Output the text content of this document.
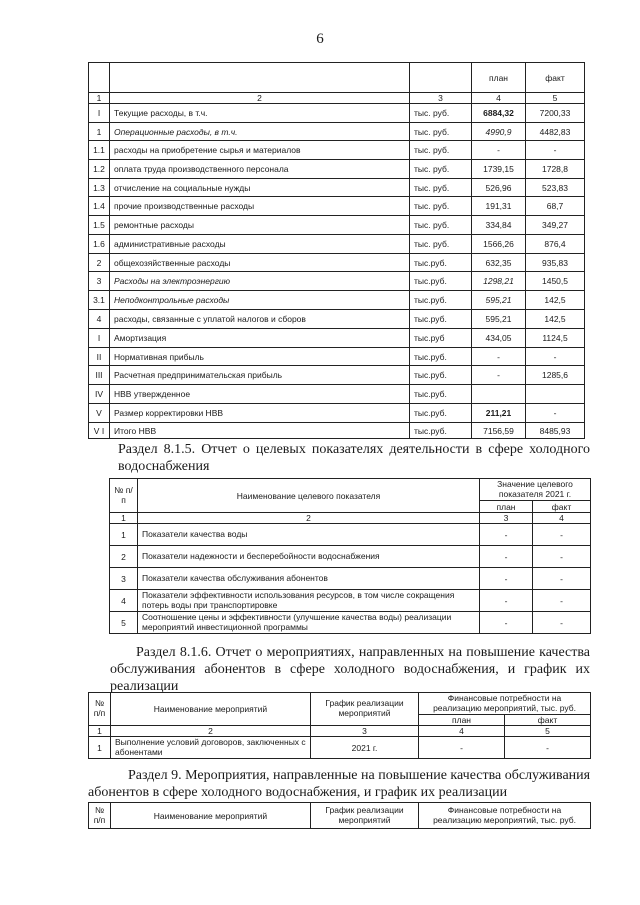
6
			план	факт
1	2	3	4	5
I	Текущие расходы, в т.ч.	тыс. руб.	6884,32	7200,33
1	Операционные расходы, в т.ч.	тыс. руб.	4990,9	4482,83
1.1	расходы на приобретение сырья и материалов	тыс. руб.	-	-
1.2	оплата труда производственного персонала	тыс. руб.	1739,15	1728,8
1.3	отчисление на социальные нужды	тыс. руб.	526,96	523,83
1.4	прочие производственные расходы	тыс. руб.	191,31	68,7
1.5	ремонтные расходы	тыс. руб.	334,84	349,27
1.6	административные расходы	тыс. руб.	1566,26	876,4
2	общехозяйственные расходы	тыс.руб.	632,35	935,83
3	Расходы на электроэнергию	тыс.руб.	1298,21	1450,5
3.1	Неподконтрольные расходы	тыс.руб.	595,21	142,5
4	расходы, связанные с уплатой налогов и сборов	тыс.руб.	595,21	142,5
I	Амортизация	тыс.руб	434,05	1124,5
II	Нормативная прибыль	тыс.руб.	-	-
III	Расчетная предпринимательская прибыль	тыс.руб.	-	1285,6
IV	НВВ утвержденное	тыс.руб.		
V	Размер корректировки НВВ	тыс.руб.	211,21	-
V I	Итого НВВ	тыс.руб.	7156,59	8485,93
Раздел 8.1.5. Отчет о целевых показателях деятельности в сфере холодного
водоснабжения
№ п/п	Наименование целевого показателя	Значение целевого показателя 2021 г.	
		план	факт
1	2	3	4
1	Показатели качества воды	-	-
2	Показатели надежности и бесперебойности водоснабжения	-	-
3	Показатели качества обслуживания абонентов	-	-
4	Показатели эффективности использования ресурсов, в том числе сокращения потерь воды при транспортировке	-	-
5	Соотношение цены и эффективности (улучшение качества воды) реализации мероприятий инвестиционной программы	-	-
Раздел 8.1.6. Отчет о мероприятиях, направленных на повышение качества
обслуживания абонентов в сфере холодного водоснабжения, и график их
реализации
№ п/п	Наименование мероприятий	График реализации мероприятий	Финансовые потребности на реализацию мероприятий, тыс. руб.	
			план	факт
1	2	3	4	5
1	Выполнение условий договоров, заключенных с абонентами	2021 г.	-	-
Раздел 9. Мероприятия, направленные на повышение качества обслуживания
абонентов в сфере холодного водоснабжения, и график их реализации
№ п/п	Наименование мероприятий	График реализации мероприятий	Финансовые потребности на реализацию мероприятий, тыс. руб.
